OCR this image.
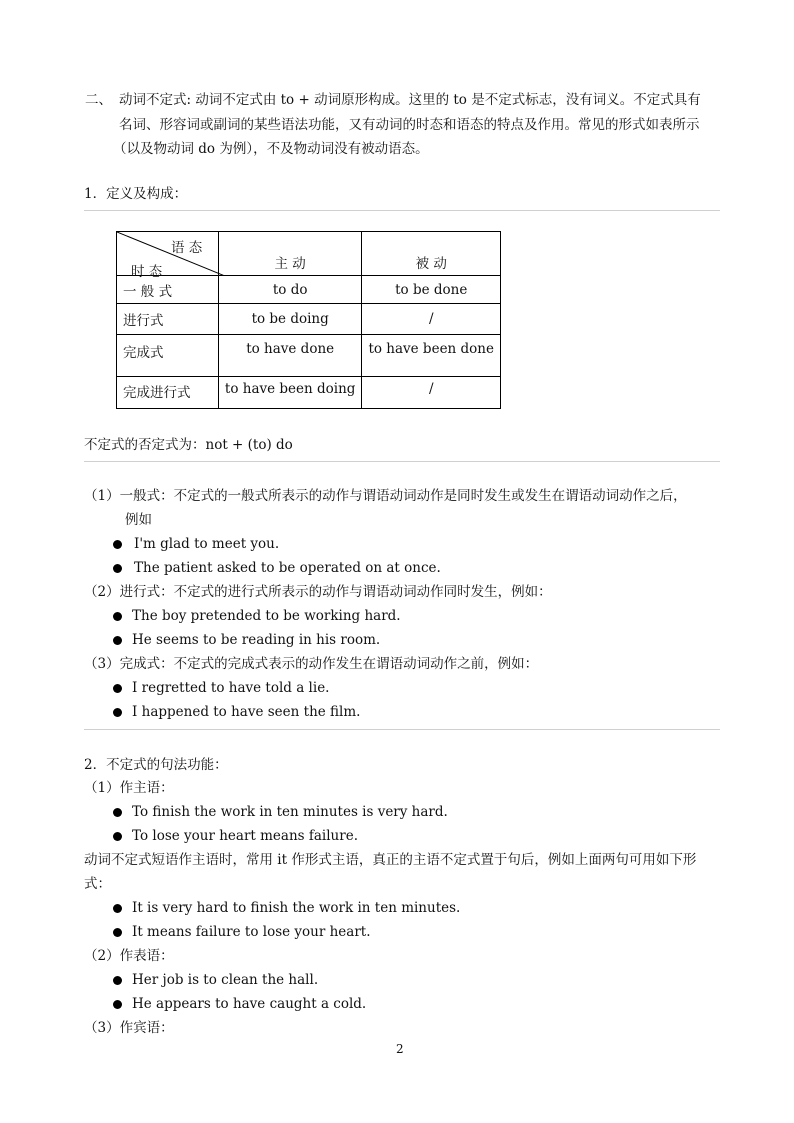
二、 动词不定式: 动词不定式由 to + 动词原形构成。这里的 to 是不定式标志，没有词义。不定式具有
名词、形容词或副词的某些语法功能，又有动词的时态和语态的特点及作用。常见的形式如表所示
（以及物动词 do 为例），不及物动词没有被动语态。
1．定义及构成：
语 态
时 态	主 动	被 动
一 般 式	to do	to be done
进行式	to be doing	/
完成式	to have done	to have been done
完成进行式	to have been doing	/
不定式的否定式为：not + (to) do
（1）一般式：不定式的一般式所表示的动作与谓语动词动作是同时发生或发生在谓语动词动作之后，
例如
I'm glad to meet you.
The patient asked to be operated on at once.
（2）进行式：不定式的进行式所表示的动作与谓语动词动作同时发生，例如：
The boy pretended to be working hard.
He seems to be reading in his room.
（3）完成式：不定式的完成式表示的动作发生在谓语动词动作之前，例如：
I regretted to have told a lie.
I happened to have seen the film.
2．不定式的句法功能：
（1）作主语：
To finish the work in ten minutes is very hard.
To lose your heart means failure.
动词不定式短语作主语时，常用 it 作形式主语，真正的主语不定式置于句后，例如上面两句可用如下形
式：
It is very hard to finish the work in ten minutes.
It means failure to lose your heart.
（2）作表语：
Her job is to clean the hall.
He appears to have caught a cold.
（3）作宾语：
2
